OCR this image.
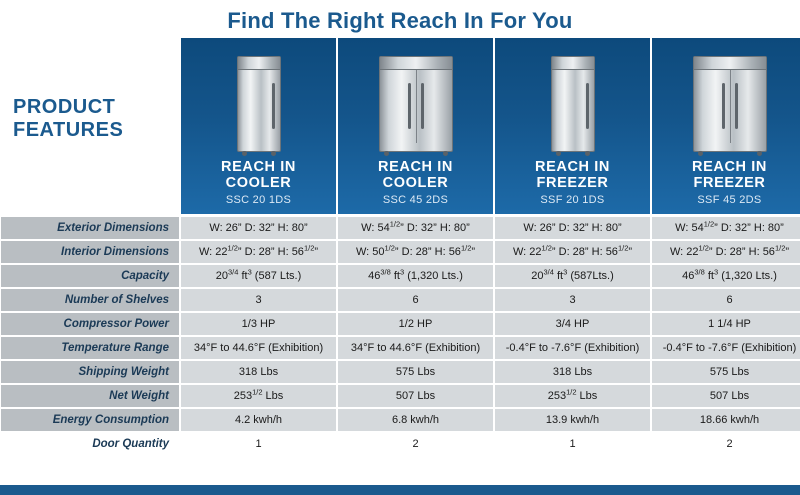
Find The Right Reach In For You
PRODUCT
FEATURES
REACH IN
COOLER
SSC 20 1DS
REACH IN
COOLER
SSC 45 2DS
REACH IN
FREEZER
SSF 20 1DS
REACH IN
FREEZER
SSF 45 2DS
Exterior Dimensions	W: 26” D: 32” H: 80”	W: $54^{1/2}$” D: 32” H: 80”	W: 26” D: 32” H: 80”	W: $54^{1/2}$” D: 32” H: 80”
Interior Dimensions	W: $22^{1/2}$” D: 28” H: $56^{1/2}$”	W: $50^{1/2}$” D: 28” H: $56^{1/2}$”	W: $22^{1/2}$” D: 28” H: $56^{1/2}$”	W: $22^{1/2}$” D: 28” H: $56^{1/2}$”
Capacity	$20^{3/4}$ $ft^3$ (587 Lts.)	$46^{3/8}$ $ft^3$ (1,320 Lts.)	$20^{3/4}$ $ft^3$ (587Lts.)	$46^{3/8}$ $ft^3$ (1,320 Lts.)
Number of Shelves	3	6	3	6
Compressor Power	1/3 HP	1/2 HP	3/4 HP	1 1/4 HP
Temperature Range	34°F to 44.6°F (Exhibition)	34°F to 44.6°F (Exhibition)	-0.4°F to -7.6°F (Exhibition)	-0.4°F to -7.6°F (Exhibition)
Shipping Weight	318 Lbs	575 Lbs	318 Lbs	575 Lbs
Net Weight	$253^{1/2}$ Lbs	507 Lbs	$253^{1/2}$ Lbs	507 Lbs
Energy Consumption	4.2 kwh/h	6.8 kwh/h	13.9 kwh/h	18.66 kwh/h
Door Quantity	1	2	1	2
